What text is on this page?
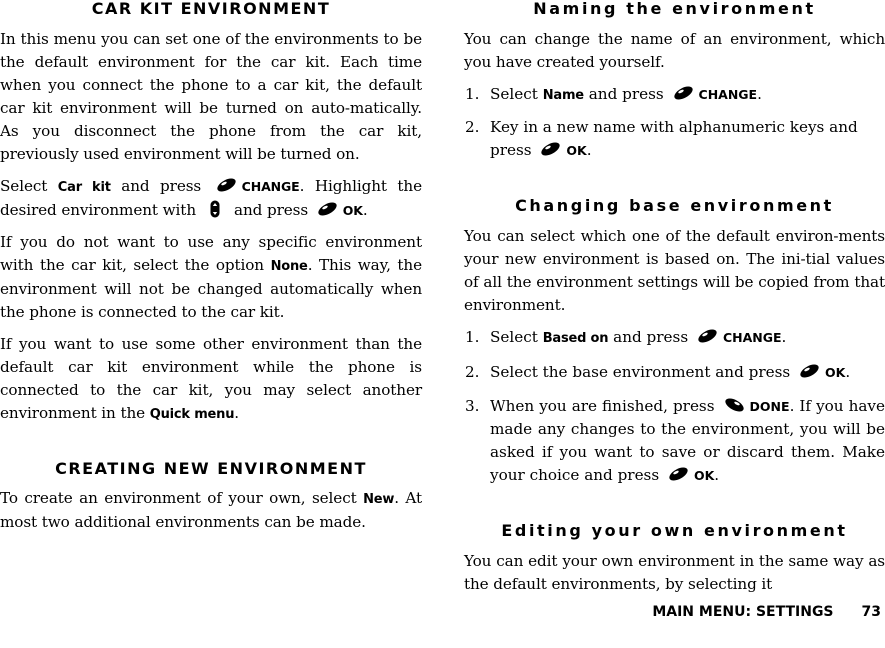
CAR KIT ENVIRONMENT

In this menu you can set one of the environments to be the default environment for the car kit. Each time when you connect the phone to a car kit, the default car kit environment will be turned on auto-matically. As you disconnect the phone from the car kit, previously used environment will be turned on.

Select Car kit and press CHANGE. Highlight the desired environment with	and press OK.

If you do not want to use any specific environment with the car kit, select the option None. This way, the environment will not be changed automatically when the phone is connected to the car kit.

If you want to use some other environment than the default car kit environment while the phone is connected to the car kit, you may select another environment in the Quick menu.

CREATING NEW ENVIRONMENT

To create an environment of your own, select New. At most two additional environments can be made.

Naming the environment

You can change the name of an environment, which you have created yourself.

1. Select Name and press CHANGE.
2. Key in a new name with alphanumeric keys and press OK.
Changing base environment

You can select which one of the default environ-ments your new environment is based on. The ini-tial values of all the environment settings will be copied from that environment.

1. Select Based on and press CHANGE.
2. Select the base environment and press OK.
3. When you are finished, press DONE. If you have made any changes to the environment, you will be asked if you want to save or discard them. Make your choice and press OK.
Editing your own environment

You can edit your own environment in the same way as the default environments, by selecting it

MAIN MENU: SETTINGS 73
